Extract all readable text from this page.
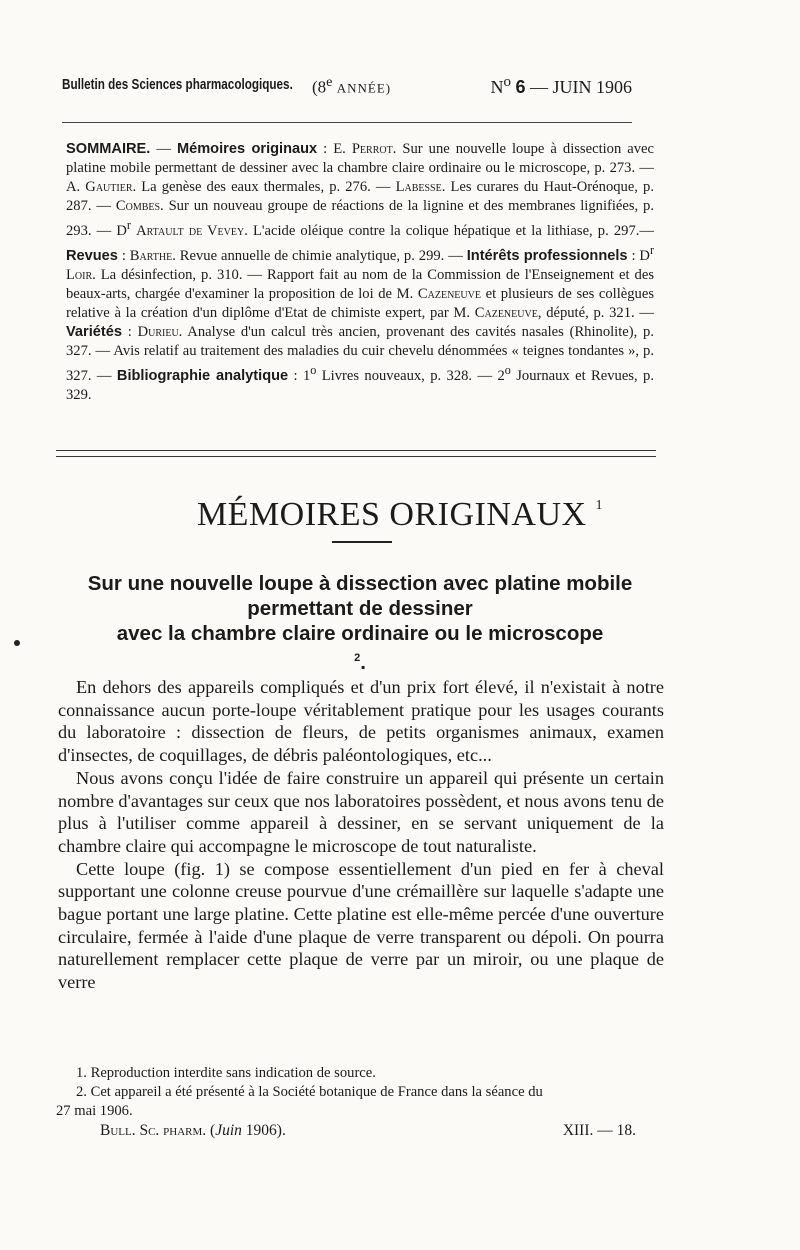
Bulletin des Sciences pharmacologiques. (8e ANNÉE)	$N^o$ 6 — JUIN 1906
SOMMAIRE. — Mémoires originaux : E. Perrot. Sur une nouvelle loupe à dissection avec platine mobile permettant de dessiner avec la chambre claire ordinaire ou le microscope, p. 273. — A. Gautier. La genèse des eaux thermales, p. 276. — Labesse. Les curares du Haut-Orénoque, p. 287. — Combes. Sur un nouveau groupe de réactions de la lignine et des membranes lignifiées, p. 293. — $D^r$ Artault de Vevey. L'acide oléique contre la colique hépatique et la lithiase, p. 297.— Revues : Barthe. Revue annuelle de chimie analytique, p. 299. — Intérêts professionnels : $D^r$ Loir. La désinfection, p. 310. — Rapport fait au nom de la Commission de l'Enseignement et des beaux-arts, chargée d'examiner la proposition de loi de M. Cazeneuve et plusieurs de ses collègues relative à la création d'un diplôme d'Etat de chimiste expert, par M. Cazeneuve, député, p. 321. — Variétés : Durieu. Analyse d'un calcul très ancien, provenant des cavités nasales (Rhinolite), p. 327. — Avis relatif au traitement des maladies du cuir chevelu dénommées « teignes tondantes », p. 327. — Bibliographie analytique : 1$^o$ Livres nouveaux, p. 328. — 2$^o$ Journaux et Revues, p. 329.
MÉMOIRES ORIGINAUX $^1$
Sur une nouvelle loupe à dissection avec platine mobile
permettant de dessiner
avec la chambre claire ordinaire ou le microscope
$^2$.

En dehors des appareils compliqués et d'un prix fort élevé, il n'existait à notre connaissance aucun porte-loupe véritablement pratique pour les usages courants du laboratoire : dissection de fleurs, de petits organismes animaux, examen d'insectes, de coquillages, de débris paléontologiques, etc...

Nous avons conçu l'idée de faire construire un appareil qui présente un certain nombre d'avantages sur ceux que nos laboratoires possèdent, et nous avons tenu de plus à l'utiliser comme appareil à dessiner, en se servant uniquement de la chambre claire qui accompagne le microscope de tout naturaliste.

Cette loupe (fig. 1) se compose essentiellement d'un pied en fer à cheval supportant une colonne creuse pourvue d'une crémaillère sur laquelle s'adapte une bague portant une large platine. Cette platine est elle-même percée d'une ouverture circulaire, fermée à l'aide d'une plaque de verre transparent ou dépoli. On pourra naturellement remplacer cette plaque de verre par un miroir, ou une plaque de verre

1. Reproduction interdite sans indication de source.

2. Cet appareil a été présenté à la Société botanique de France dans la séance du

27 mai 1906.

Bull. Sc. pharm. (Juin 1906).	XIII. — 18.
